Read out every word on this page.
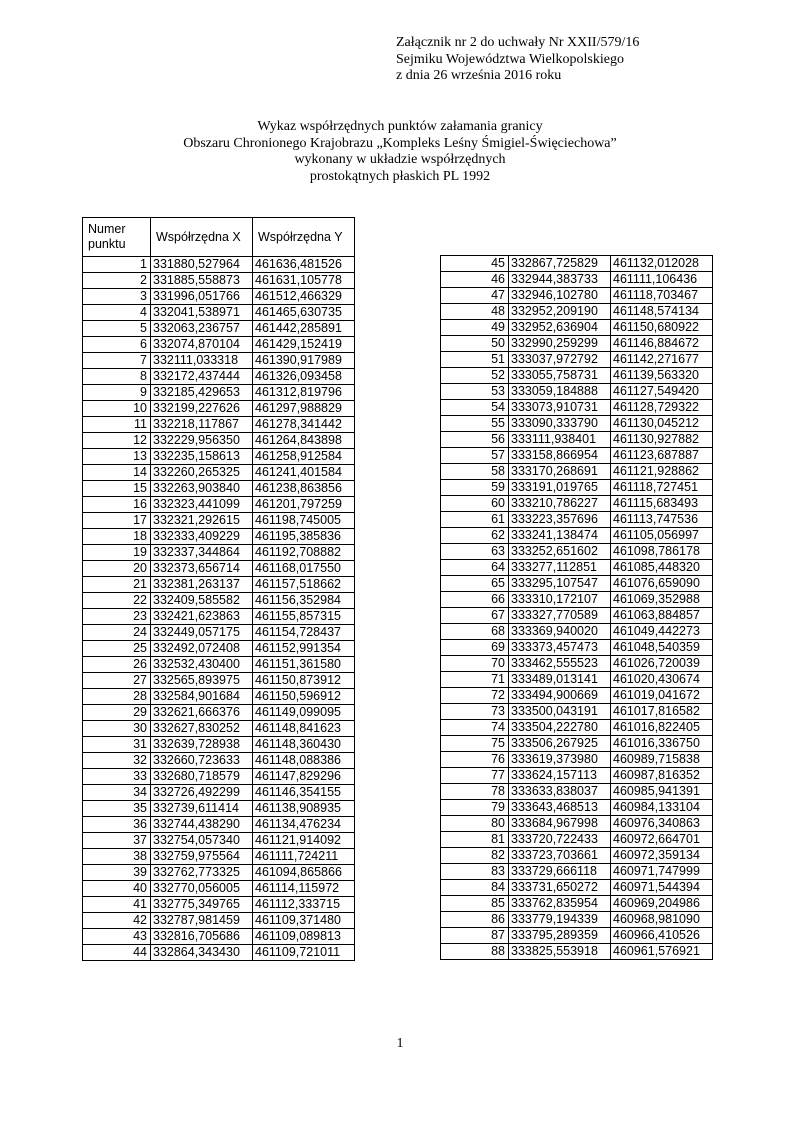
Załącznik nr 2 do uchwały Nr XXII/579/16
Sejmiku Województwa Wielkopolskiego
z dnia 26 września 2016 roku
Wykaz współrzędnych punktów załamania granicy
Obszaru Chronionego Krajobrazu „Kompleks Leśny Śmigiel-Święciechowa”
wykonany w układzie współrzędnych
prostokątnych płaskich PL 1992
Numer
punktu	Współrzędna X	Współrzędna Y
1	331880,527964	461636,481526
2	331885,558873	461631,105778
3	331996,051766	461512,466329
4	332041,538971	461465,630735
5	332063,236757	461442,285891
6	332074,870104	461429,152419
7	332111,033318	461390,917989
8	332172,437444	461326,093458
9	332185,429653	461312,819796
10	332199,227626	461297,988829
11	332218,117867	461278,341442
12	332229,956350	461264,843898
13	332235,158613	461258,912584
14	332260,265325	461241,401584
15	332263,903840	461238,863856
16	332323,441099	461201,797259
17	332321,292615	461198,745005
18	332333,409229	461195,385836
19	332337,344864	461192,708882
20	332373,656714	461168,017550
21	332381,263137	461157,518662
22	332409,585582	461156,352984
23	332421,623863	461155,857315
24	332449,057175	461154,728437
25	332492,072408	461152,991354
26	332532,430400	461151,361580
27	332565,893975	461150,873912
28	332584,901684	461150,596912
29	332621,666376	461149,099095
30	332627,830252	461148,841623
31	332639,728938	461148,360430
32	332660,723633	461148,088386
33	332680,718579	461147,829296
34	332726,492299	461146,354155
35	332739,611414	461138,908935
36	332744,438290	461134,476234
37	332754,057340	461121,914092
38	332759,975564	461111,724211
39	332762,773325	461094,865866
40	332770,056005	461114,115972
41	332775,349765	461112,333715
42	332787,981459	461109,371480
43	332816,705686	461109,089813
44	332864,343430	461109,721011
45	332867,725829	461132,012028
46	332944,383733	461111,106436
47	332946,102780	461118,703467
48	332952,209190	461148,574134
49	332952,636904	461150,680922
50	332990,259299	461146,884672
51	333037,972792	461142,271677
52	333055,758731	461139,563320
53	333059,184888	461127,549420
54	333073,910731	461128,729322
55	333090,333790	461130,045212
56	333111,938401	461130,927882
57	333158,866954	461123,687887
58	333170,268691	461121,928862
59	333191,019765	461118,727451
60	333210,786227	461115,683493
61	333223,357696	461113,747536
62	333241,138474	461105,056997
63	333252,651602	461098,786178
64	333277,112851	461085,448320
65	333295,107547	461076,659090
66	333310,172107	461069,352988
67	333327,770589	461063,884857
68	333369,940020	461049,442273
69	333373,457473	461048,540359
70	333462,555523	461026,720039
71	333489,013141	461020,430674
72	333494,900669	461019,041672
73	333500,043191	461017,816582
74	333504,222780	461016,822405
75	333506,267925	461016,336750
76	333619,373980	460989,715838
77	333624,157113	460987,816352
78	333633,838037	460985,941391
79	333643,468513	460984,133104
80	333684,967998	460976,340863
81	333720,722433	460972,664701
82	333723,703661	460972,359134
83	333729,666118	460971,747999
84	333731,650272	460971,544394
85	333762,835954	460969,204986
86	333779,194339	460968,981090
87	333795,289359	460966,410526
88	333825,553918	460961,576921
1
